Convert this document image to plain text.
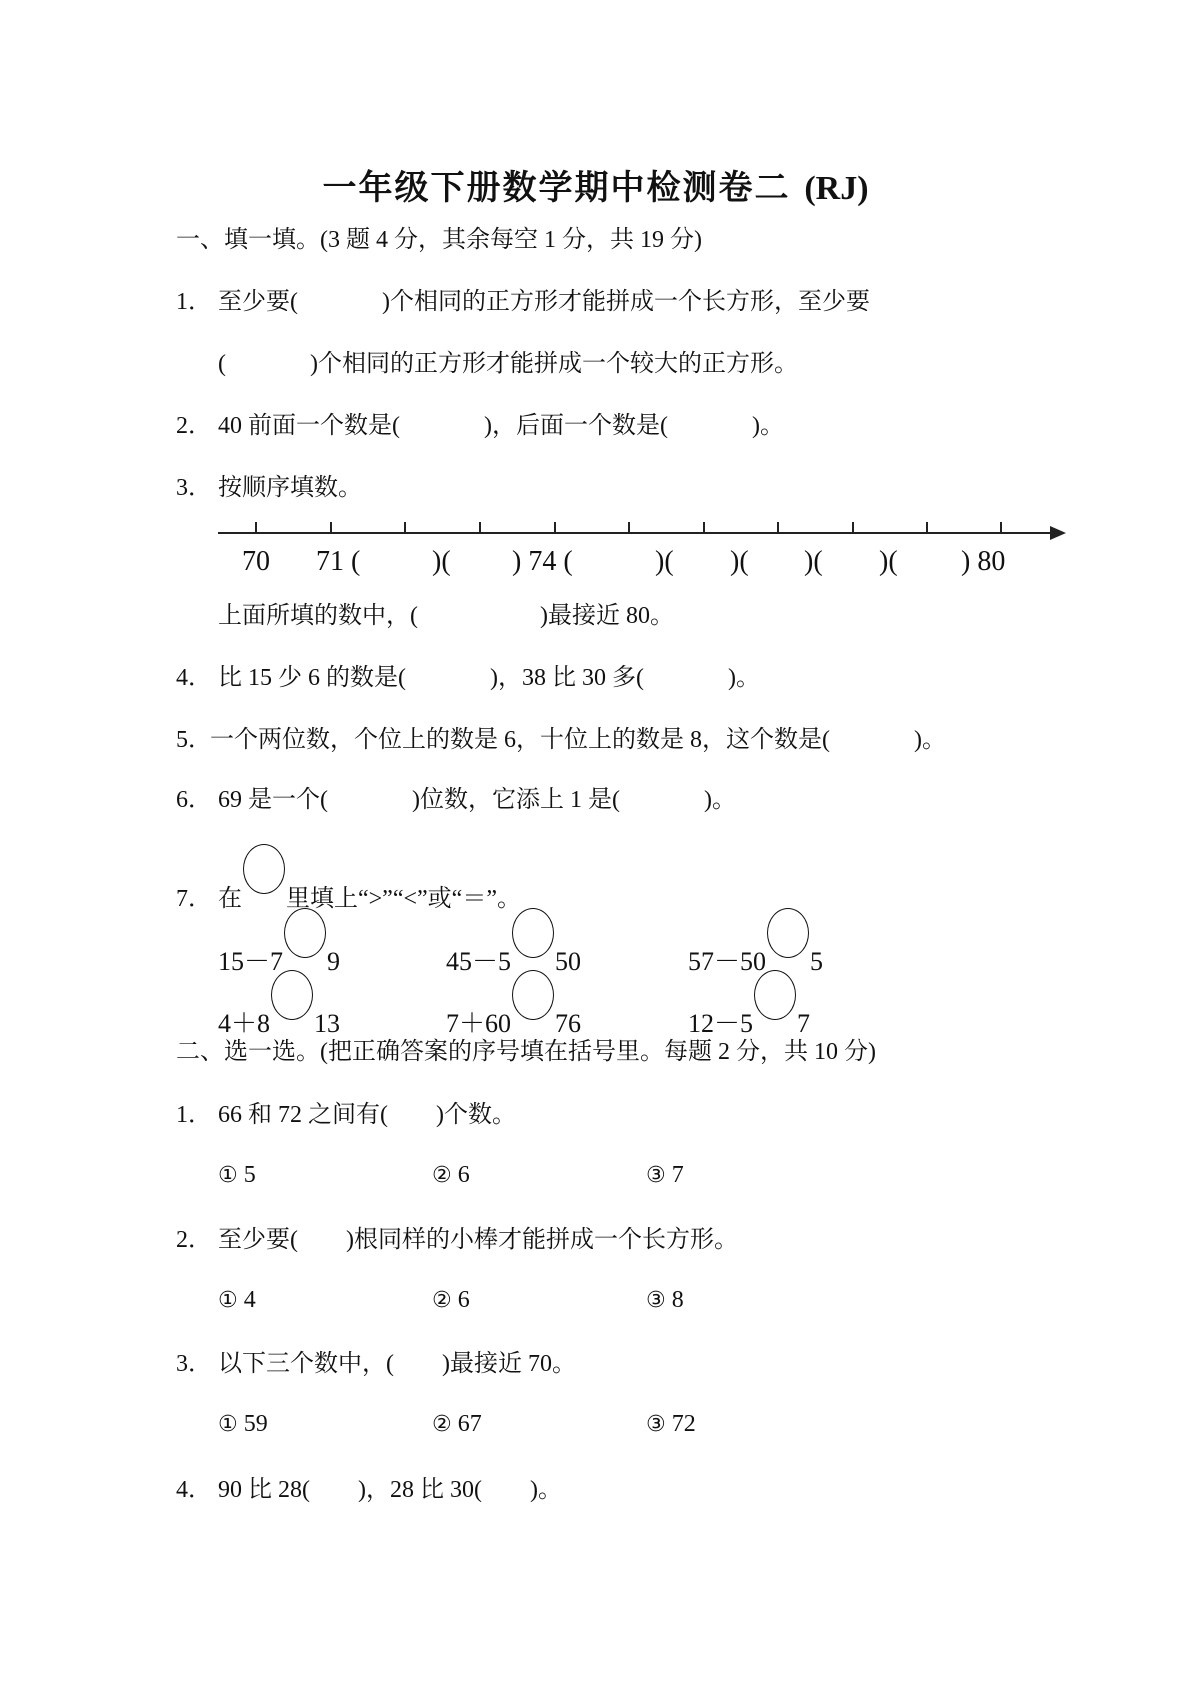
一年级下册数学期中检测卷二 (RJ)
一、填一填。(3 题 4 分，其余每空 1 分，共 19 分)
1． 至少要(	)个相同的正方形才能拼成一个长方形，至少要
(	)个相同的正方形才能拼成一个较大的正方形。
2． 40 前面一个数是(	)，后面一个数是(	)。
3． 按顺序填数。
70 71 (	)( ) 74 (	)( )( )( )( ) 80
上面所填的数中，(	)最接近 80。
4． 比 15 少 6 的数是(	)，38 比 30 多(	)。
5．一个两位数，个位上的数是 6，十位上的数是 8，这个数是(	)。
6． 69 是一个(	)位数，它添上 1 是(	)。
7． 在 里填上“>”“<”或“＝”。
15－7 9	45－5 50	57－50 5
4＋8 13	7＋60 76	12－5 7
二、选一选。(把正确答案的序号填在括号里。每题 2 分，共 10 分)
1． 66 和 72 之间有( )个数。
① 5	② 6	③ 7
2． 至少要( )根同样的小棒才能拼成一个长方形。
① 4	② 6	③ 8
3． 以下三个数中，( )最接近 70。
① 59	② 67	③ 72
4． 90 比 28( )，28 比 30( )。
